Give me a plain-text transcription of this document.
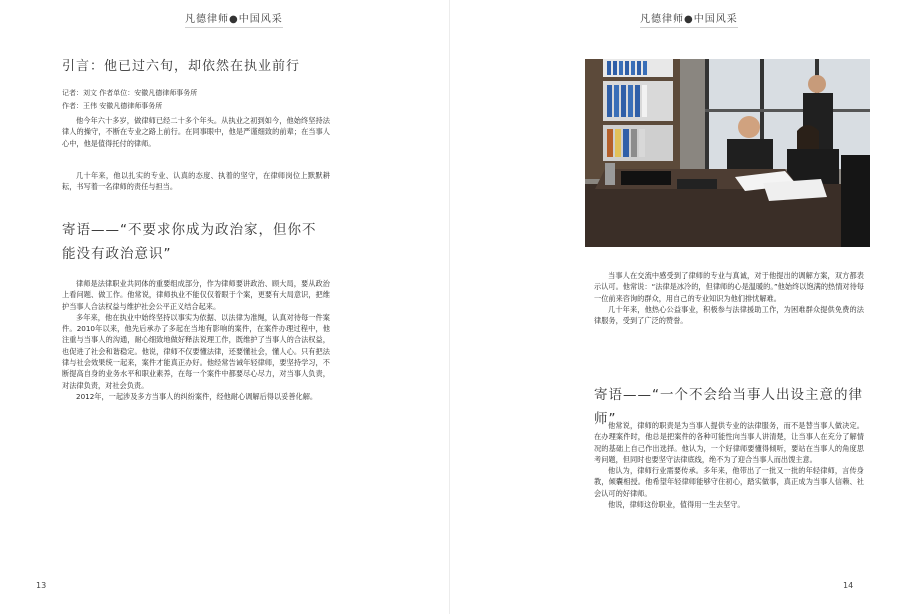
凡德律师●中国风采
引言：他已过六旬，却依然在执业前行
记者：刘文 作者单位：安徽凡德律师事务所
作者：王伟 安徽凡德律师事务所

他今年六十多岁，做律师已经二十多个年头。从执业之初到如今，他始终坚持法律人的操守，不断在专业之路上前行。在同事眼中，他是严谨细致的前辈；在当事人心中，他是值得托付的律师。

几十年来，他以扎实的专业、认真的态度、执着的坚守，在律师岗位上默默耕耘，书写着一名律师的责任与担当。

寄语——“不要求你成为政治家，但你不能没有政治意识”

律师是法律职业共同体的重要组成部分，作为律师要讲政治、顾大局，要从政治上看问题、做工作。他常说，律师执业不能仅仅着眼于个案，更要有大局意识，把维护当事人合法权益与维护社会公平正义结合起来。

多年来，他在执业中始终坚持以事实为依据、以法律为准绳，认真对待每一件案件。2010年以来，他先后承办了多起在当地有影响的案件，在案件办理过程中，他注重与当事人的沟通，耐心细致地做好释法说理工作，既维护了当事人的合法权益，也促进了社会和谐稳定。他说，律师不仅要懂法律，还要懂社会，懂人心。只有把法律与社会效果统一起来，案件才能真正办好。他经常告诫年轻律师，要坚持学习，不断提高自身的业务水平和职业素养，在每一个案件中都要尽心尽力，对当事人负责，对法律负责，对社会负责。

2012年，一起涉及多方当事人的纠纷案件，经他耐心调解后得以妥善化解。

13
凡德律师●中国风采
14

当事人在交流中感受到了律师的专业与真诚，对于他提出的调解方案，双方都表示认可。他常说：“法律是冰冷的，但律师的心是温暖的。”他始终以饱满的热情对待每一位前来咨询的群众，用自己的专业知识为他们排忧解难。

几十年来，他热心公益事业，积极参与法律援助工作，为困难群众提供免费的法律服务，受到了广泛的赞誉。

寄语——“一个不会给当事人出设主意的律师”

他常说，律师的职责是为当事人提供专业的法律服务，而不是替当事人做决定。在办理案件时，他总是把案件的各种可能性向当事人讲清楚，让当事人在充分了解情况的基础上自己作出选择。他认为，一个好律师要懂得倾听，要站在当事人的角度思考问题，但同时也要坚守法律底线，绝不为了迎合当事人而出馊主意。

他认为，律师行业需要传承。多年来，他带出了一批又一批的年轻律师，言传身教，倾囊相授。他希望年轻律师能够守住初心，踏实做事，真正成为当事人信赖、社会认可的好律师。

他说，律师这份职业，值得用一生去坚守。
